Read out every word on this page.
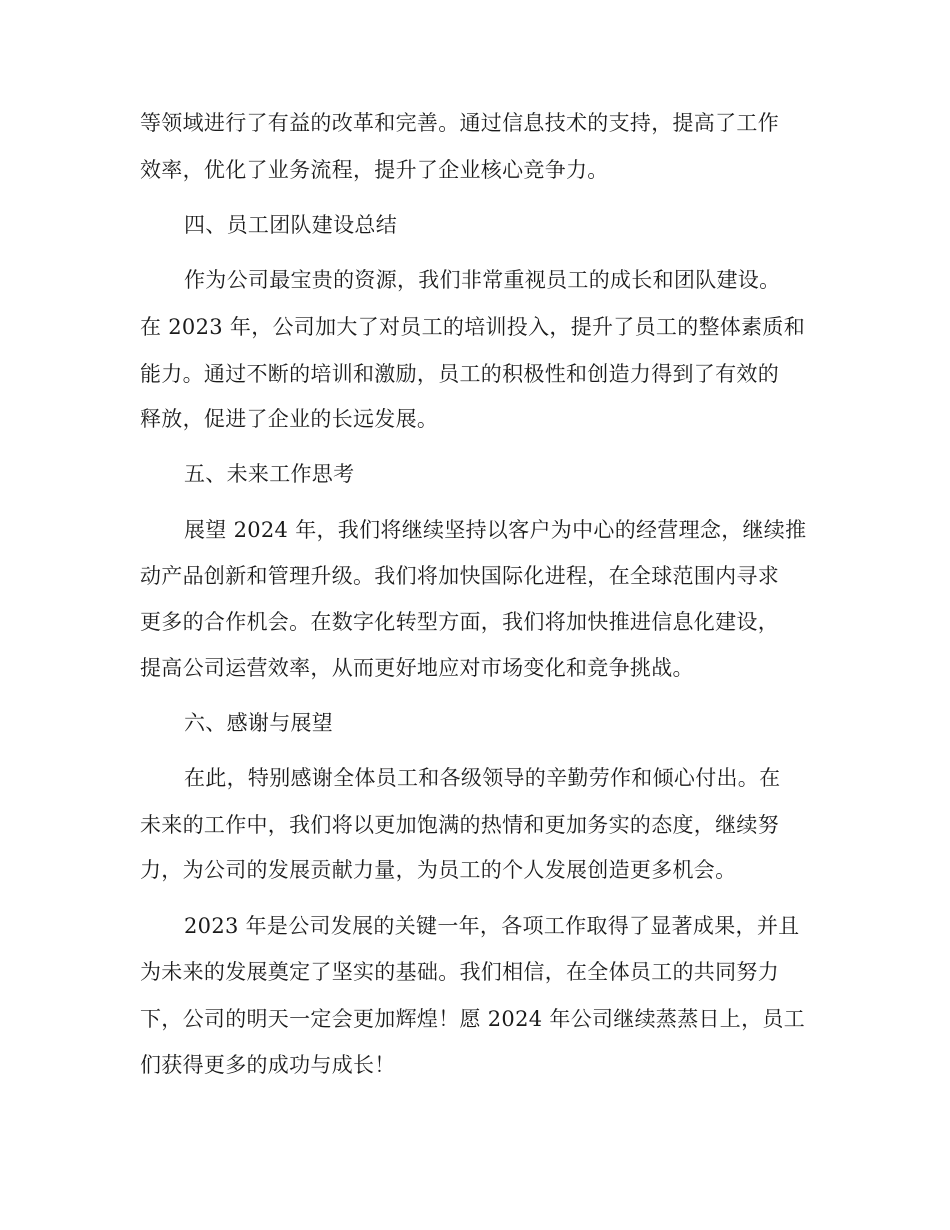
等领域进行了有益的改革和完善。通过信息技术的支持，提高了工作
效率，优化了业务流程，提升了企业核心竞争力。
四、员工团队建设总结
作为公司最宝贵的资源，我们非常重视员工的成长和团队建设。
在 2023 年，公司加大了对员工的培训投入，提升了员工的整体素质和
能力。通过不断的培训和激励，员工的积极性和创造力得到了有效的
释放，促进了企业的长远发展。
五、未来工作思考
展望 2024 年，我们将继续坚持以客户为中心的经营理念，继续推
动产品创新和管理升级。我们将加快国际化进程，在全球范围内寻求
更多的合作机会。在数字化转型方面，我们将加快推进信息化建设，
提高公司运营效率，从而更好地应对市场变化和竞争挑战。
六、感谢与展望
在此，特别感谢全体员工和各级领导的辛勤劳作和倾心付出。在
未来的工作中，我们将以更加饱满的热情和更加务实的态度，继续努
力，为公司的发展贡献力量，为员工的个人发展创造更多机会。
2023 年是公司发展的关键一年，各项工作取得了显著成果，并且
为未来的发展奠定了坚实的基础。我们相信，在全体员工的共同努力
下，公司的明天一定会更加辉煌！愿 2024 年公司继续蒸蒸日上，员工
们获得更多的成功与成长！
